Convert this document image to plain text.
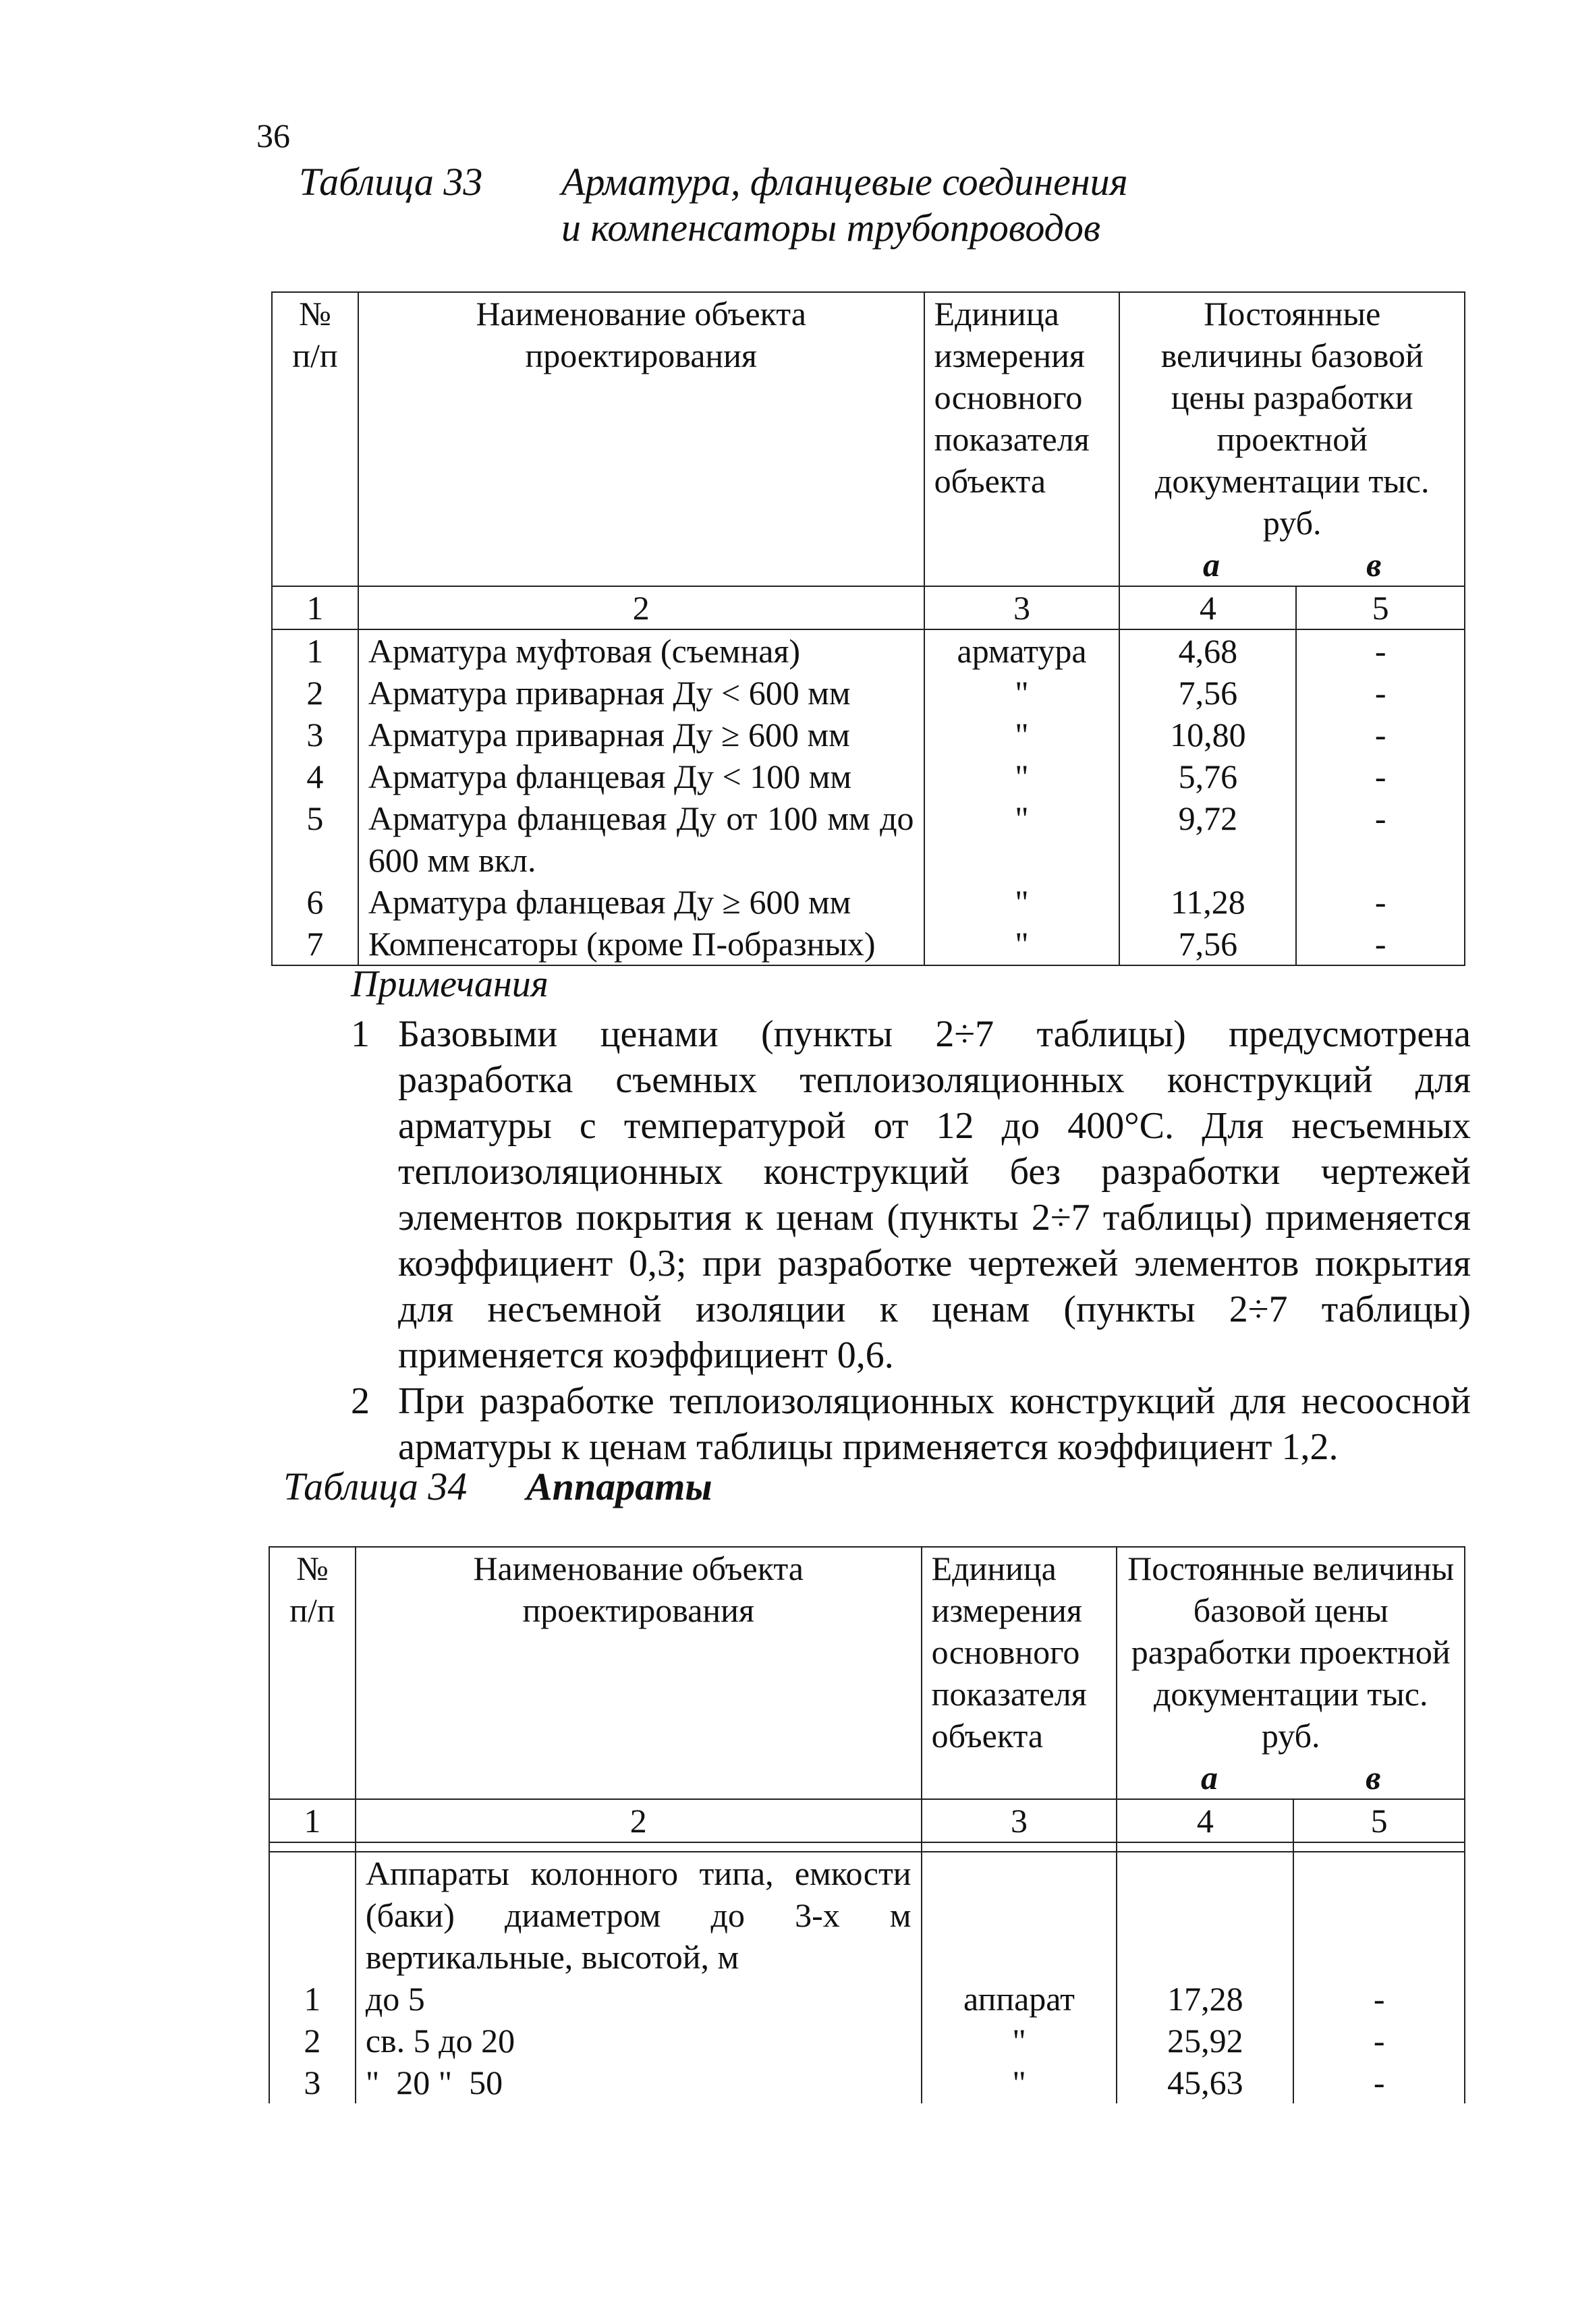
36
Таблица 33 Арматура, фланцевые соединения
и компенсаторы трубопроводов
№ п/п	Наименование объекта проектирования	Единица измерения основного показателя объекта	Постоянные величины базовой цены разработки проектной документации тыс. руб.
а в	

1	2	3	4	5
1	Арматура муфтовая (съемная)	арматура	4,68	-
2	Арматура приварная Ду < 600 мм	"	7,56	-
3	Арматура приварная Ду ≥ 600 мм	"	10,80	-
4	Арматура фланцевая Ду < 100 мм	"	5,76	-
5	Арматура фланцевая Ду от 100 мм до 600 мм вкл.	"	9,72	-
6	Арматура фланцевая Ду ≥ 600 мм	"	11,28	-
7	Компенсаторы (кроме П-образных)	"	7,56	-
Примечания
1 Базовыми ценами (пункты 2÷7 таблицы) предусмотрена разработка съемных теплоизоляционных конструкций для арматуры с температурой от 12 до 400°С. Для несъемных теплоизоляционных конструкций без разработки чертежей элементов покрытия к ценам (пункты 2÷7 таблицы) применяется коэффициент 0,3; при разработке чертежей элементов покрытия для несъемной изоляции к ценам (пункты 2÷7 таблицы) применяется коэффициент 0,6.
2 При разработке теплоизоляционных конструкций для несоосной арматуры к ценам таблицы применяется коэффициент 1,2.
Таблица 34 Аппараты
№ п/п	Наименование объекта проектирования	Единица измерения основного показателя объекта	Постоянные величины базовой цены разработки проектной документации тыс. руб.
а в	

1	2	3	4	5

	Аппараты колонного типа, емкости (баки) диаметром до 3-х м вертикальные, высотой, м			
1	до 5	аппарат	17,28	-
2	св. 5 до 20	"	25,92	-
3	"  20 "  50	"	45,63	-
